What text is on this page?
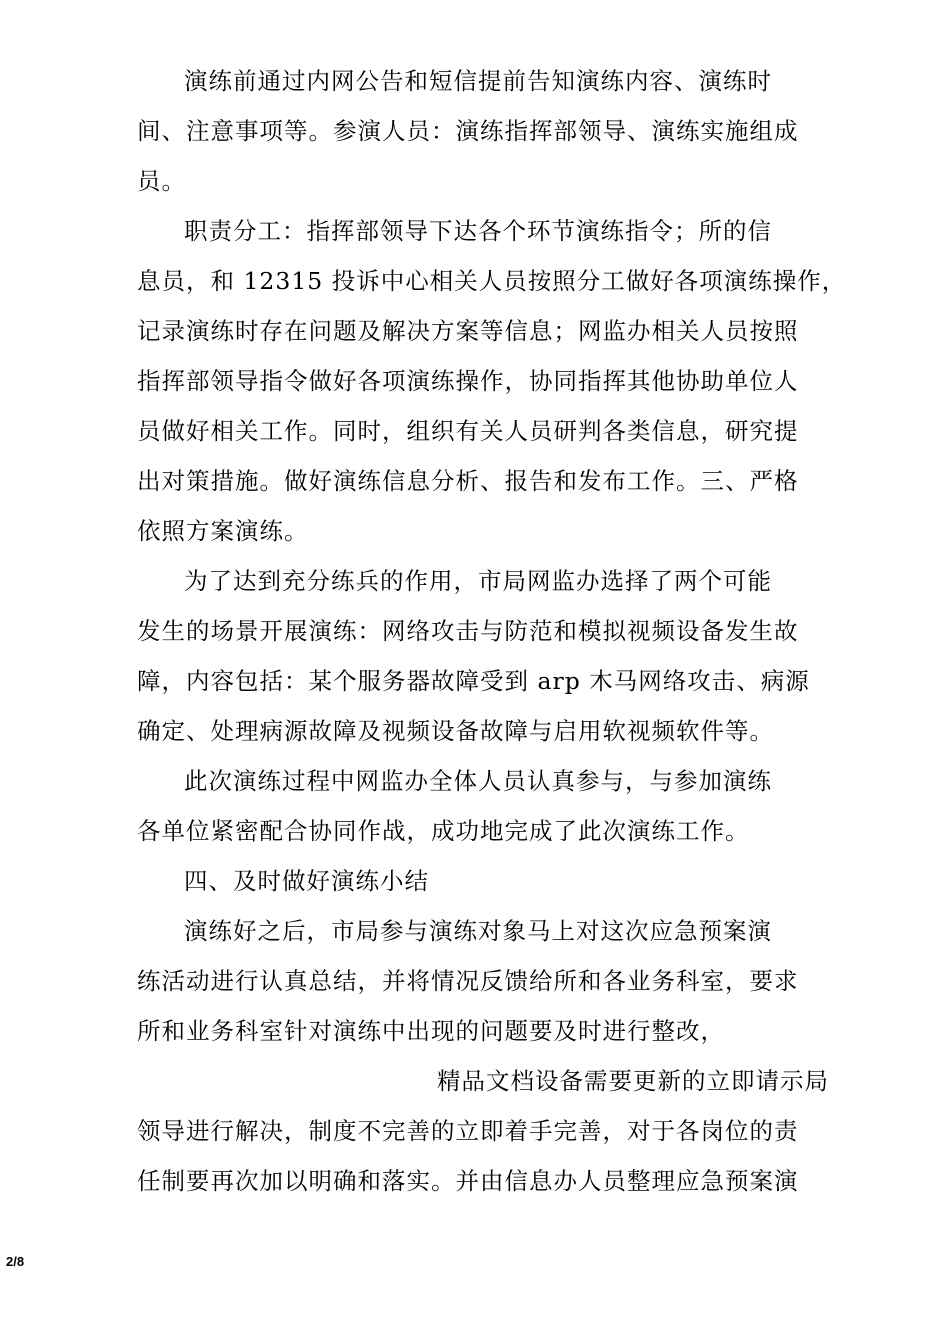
演练前通过内网公告和短信提前告知演练内容、演练时

间、注意事项等。参演人员：演练指挥部领导、演练实施组成

员。

职责分工：指挥部领导下达各个环节演练指令；所的信

息员，和 12315 投诉中心相关人员按照分工做好各项演练操作，

记录演练时存在问题及解决方案等信息；网监办相关人员按照

指挥部领导指令做好各项演练操作，协同指挥其他协助单位人

员做好相关工作。同时，组织有关人员研判各类信息，研究提

出对策措施。做好演练信息分析、报告和发布工作。三、严格

依照方案演练。

为了达到充分练兵的作用，市局网监办选择了两个可能

发生的场景开展演练：网络攻击与防范和模拟视频设备发生故

障，内容包括：某个服务器故障受到 arp 木马网络攻击、病源

确定、处理病源故障及视频设备故障与启用软视频软件等。

此次演练过程中网监办全体人员认真参与，与参加演练

各单位紧密配合协同作战，成功地完成了此次演练工作。

四、及时做好演练小结

演练好之后，市局参与演练对象马上对这次应急预案演

练活动进行认真总结，并将情况反馈给所和各业务科室，要求

所和业务科室针对演练中出现的问题要及时进行整改，

精品文档设备需要更新的立即请示局

领导进行解决，制度不完善的立即着手完善，对于各岗位的责

任制要再次加以明确和落实。并由信息办人员整理应急预案演

2/8
